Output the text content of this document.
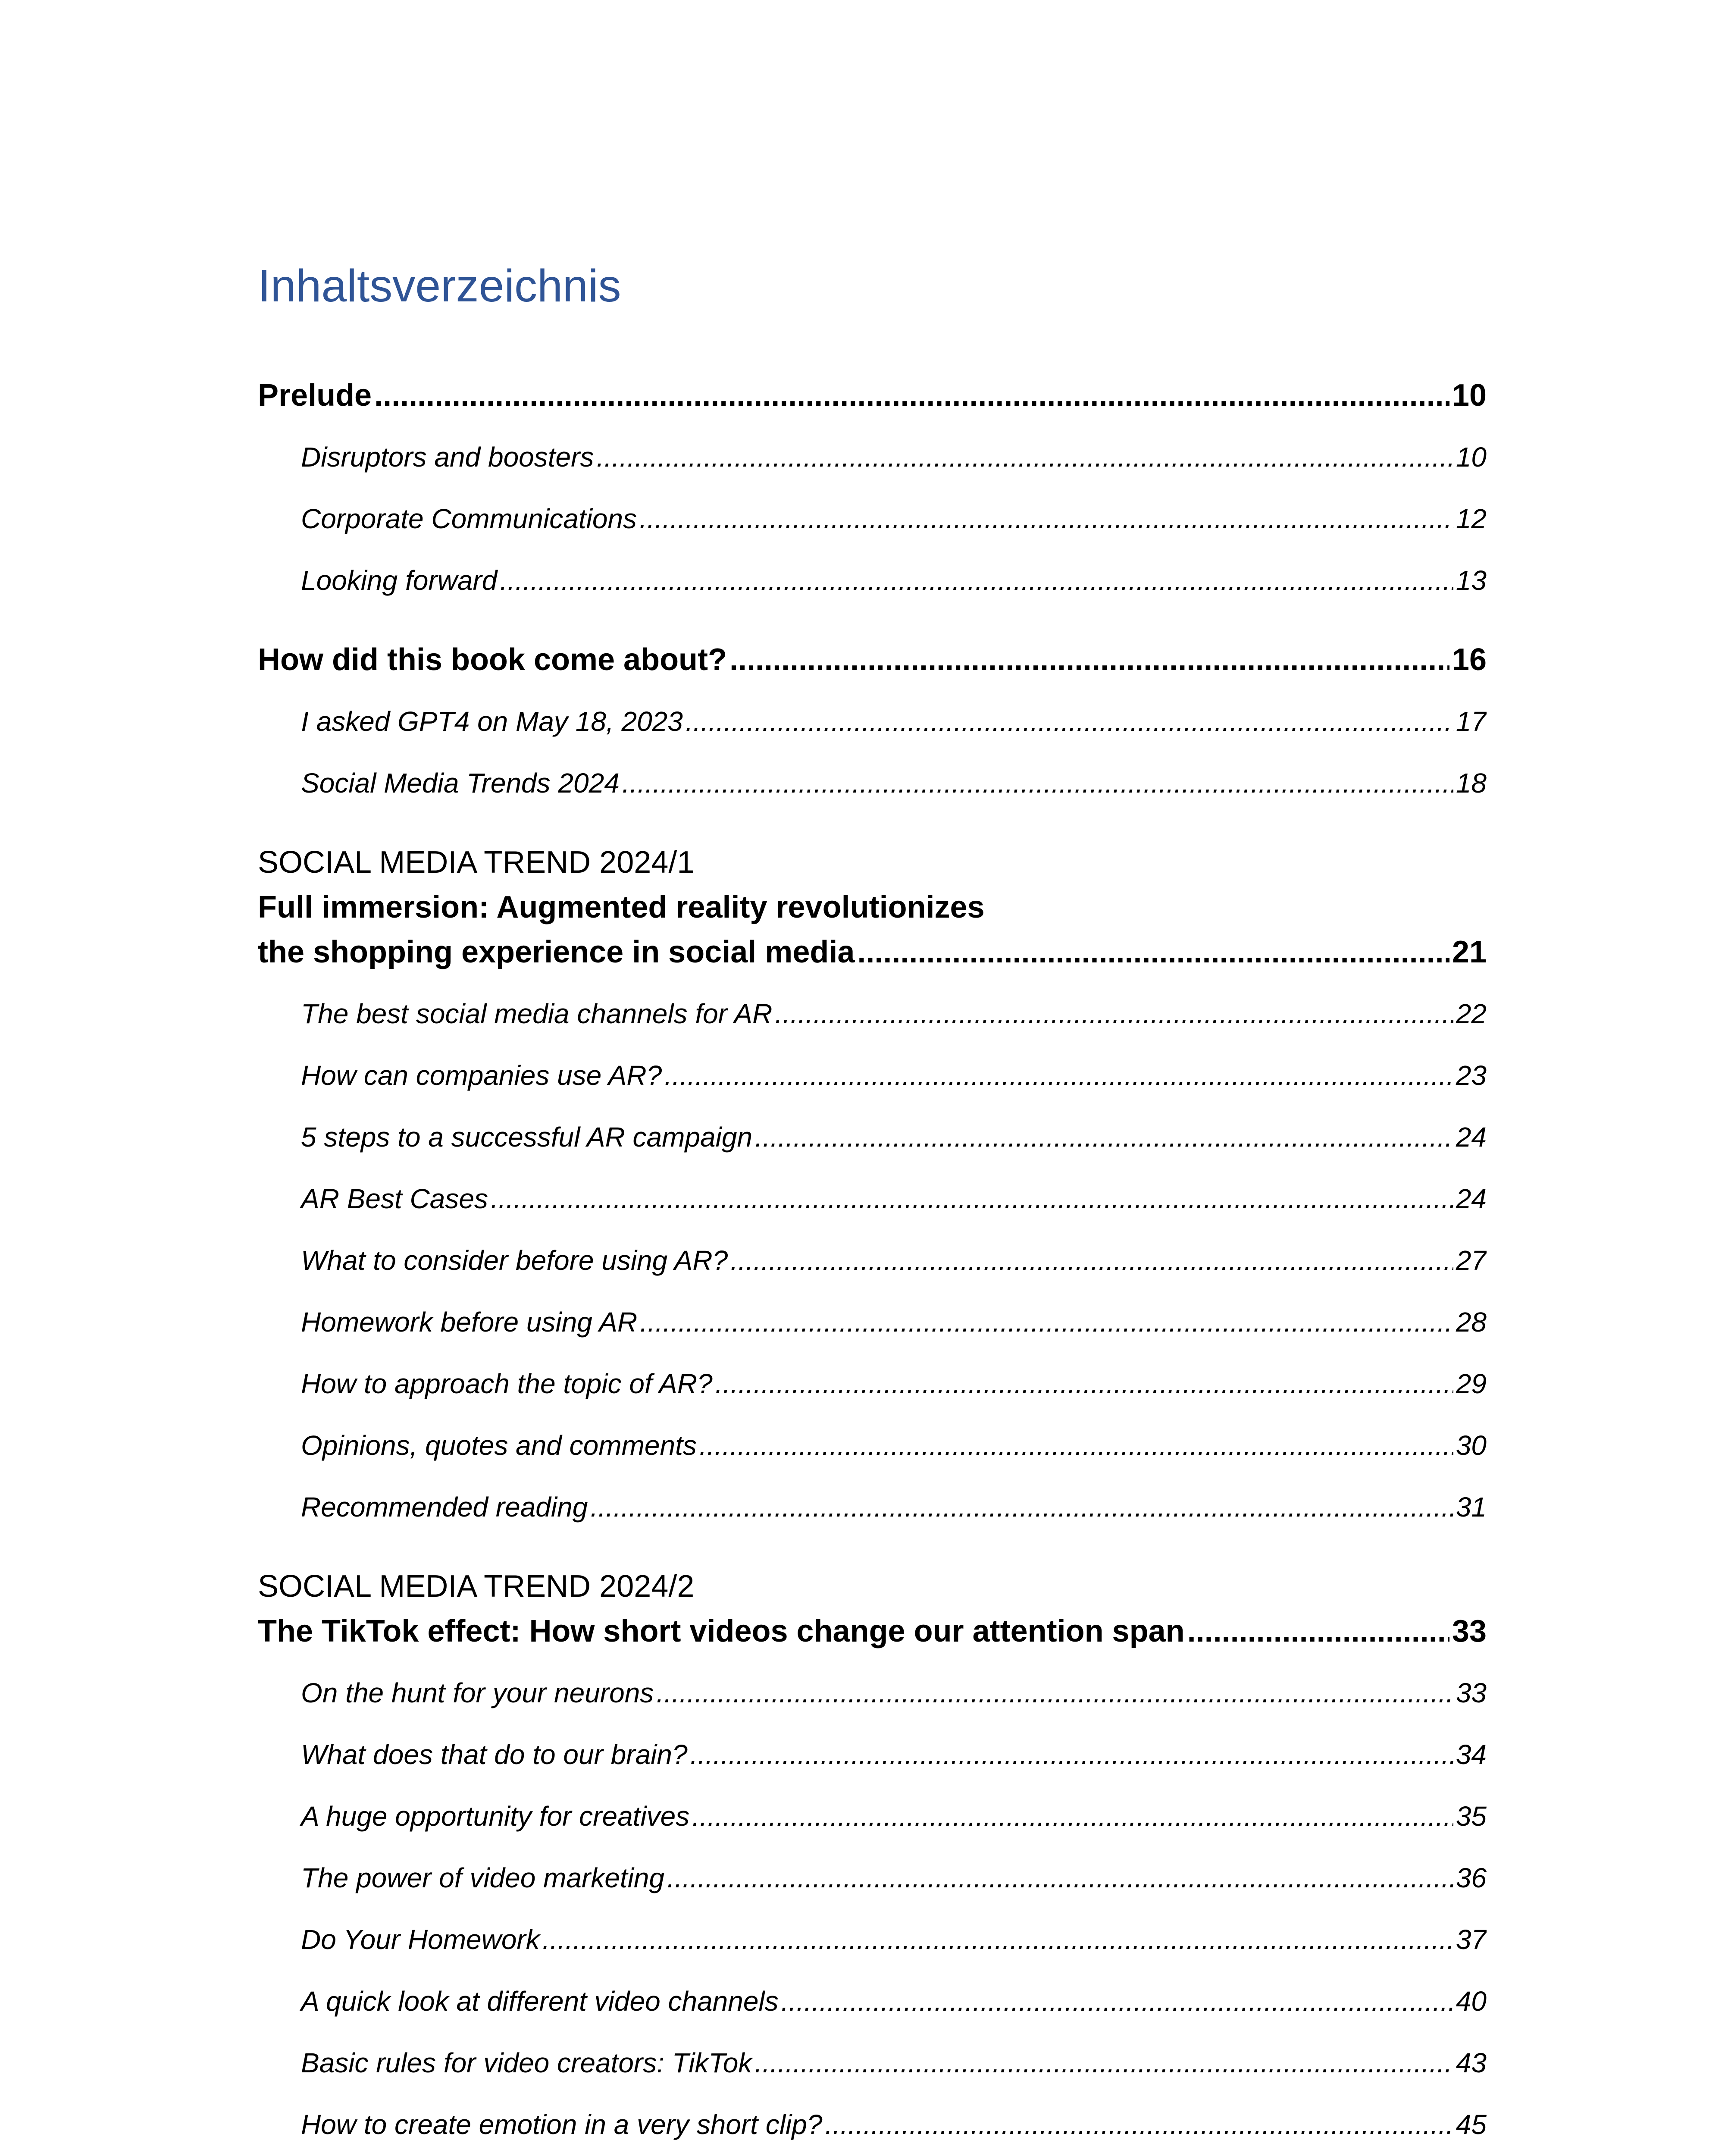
Inhaltsverzeichnis
Prelude .....	10
Disruptors and boosters .....	10
Corporate Communications .....	12
Looking forward .....	13
How did this book come about? .....	16
I asked GPT4 on May 18, 2023 .....	17
Social Media Trends 2024 .....	18
SOCIAL MEDIA TREND 2024/1
Full immersion: Augmented reality revolutionizes
the shopping experience in social media .....	21
The best social media channels for AR .....	22
How can companies use AR? .....	23
5 steps to a successful AR campaign .....	24
AR Best Cases .....	24
What to consider before using AR? .....	27
Homework before using AR .....	28
How to approach the topic of AR? .....	29
Opinions, quotes and comments .....	30
Recommended reading .....	31
SOCIAL MEDIA TREND 2024/2
The TikTok effect: How short videos change our attention span .....	33
On the hunt for your neurons .....	33
What does that do to our brain? .....	34
A huge opportunity for creatives .....	35
The power of video marketing .....	36
Do Your Homework .....	37
A quick look at different video channels .....	40
Basic rules for video creators: TikTok .....	43
How to create emotion in a very short clip? .....	45
.....
